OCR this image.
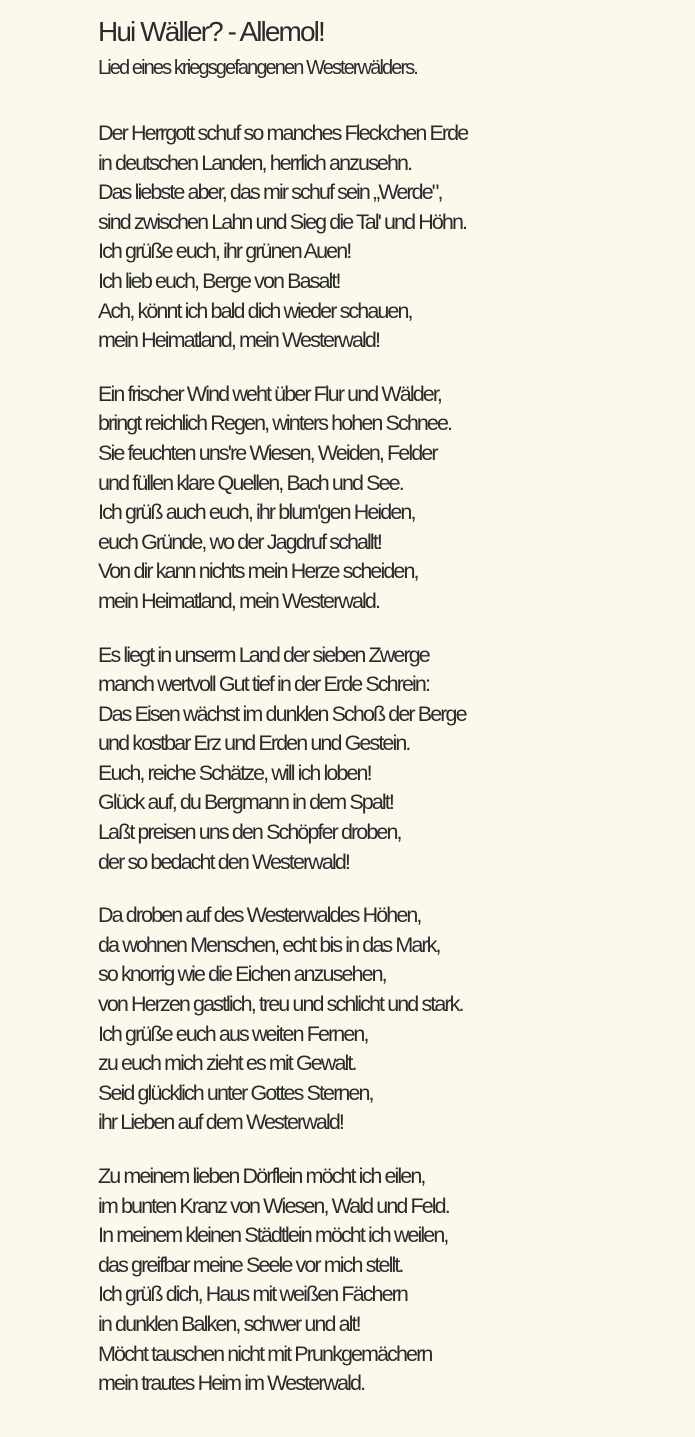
Hui Wäller? - Allemol!
Lied eines kriegsgefangenen Westerwälders.
Der Herrgott schuf so manches Fleckchen Erde
in deutschen Landen, herrlich anzusehn.
Das liebste aber, das mir schuf sein „Werde",
sind zwischen Lahn und Sieg die Tal' und Höhn.
Ich grüße euch, ihr grünen Auen!
Ich lieb euch, Berge von Basalt!
Ach, könnt ich bald dich wieder schauen,
mein Heimatland, mein Westerwald!
Ein frischer Wind weht über Flur und Wälder,
bringt reichlich Regen, winters hohen Schnee.
Sie feuchten uns're Wiesen, Weiden, Felder
und füllen klare Quellen, Bach und See.
Ich grüß auch euch, ihr blum'gen Heiden,
euch Gründe, wo der Jagdruf schallt!
Von dir kann nichts mein Herze scheiden,
mein Heimatland, mein Westerwald.
Es liegt in unserm Land der sieben Zwerge
manch wertvoll Gut tief in der Erde Schrein:
Das Eisen wächst im dunklen Schoß der Berge
und kostbar Erz und Erden und Gestein.
Euch, reiche Schätze, will ich loben!
Glück auf, du Bergmann in dem Spalt!
Laßt preisen uns den Schöpfer droben,
der so bedacht den Westerwald!
Da droben auf des Westerwaldes Höhen,
da wohnen Menschen, echt bis in das Mark,
so knorrig wie die Eichen anzusehen,
von Herzen gastlich, treu und schlicht und stark.
Ich grüße euch aus weiten Fernen,
zu euch mich zieht es mit Gewalt.
Seid glücklich unter Gottes Sternen,
ihr Lieben auf dem Westerwald!
Zu meinem lieben Dörflein möcht ich eilen,
im bunten Kranz von Wiesen, Wald und Feld.
In meinem kleinen Städtlein möcht ich weilen,
das greifbar meine Seele vor mich stellt.
Ich grüß dich, Haus mit weißen Fächern
in dunklen Balken, schwer und alt!
Möcht tauschen nicht mit Prunkgemächern
mein trautes Heim im Westerwald.
